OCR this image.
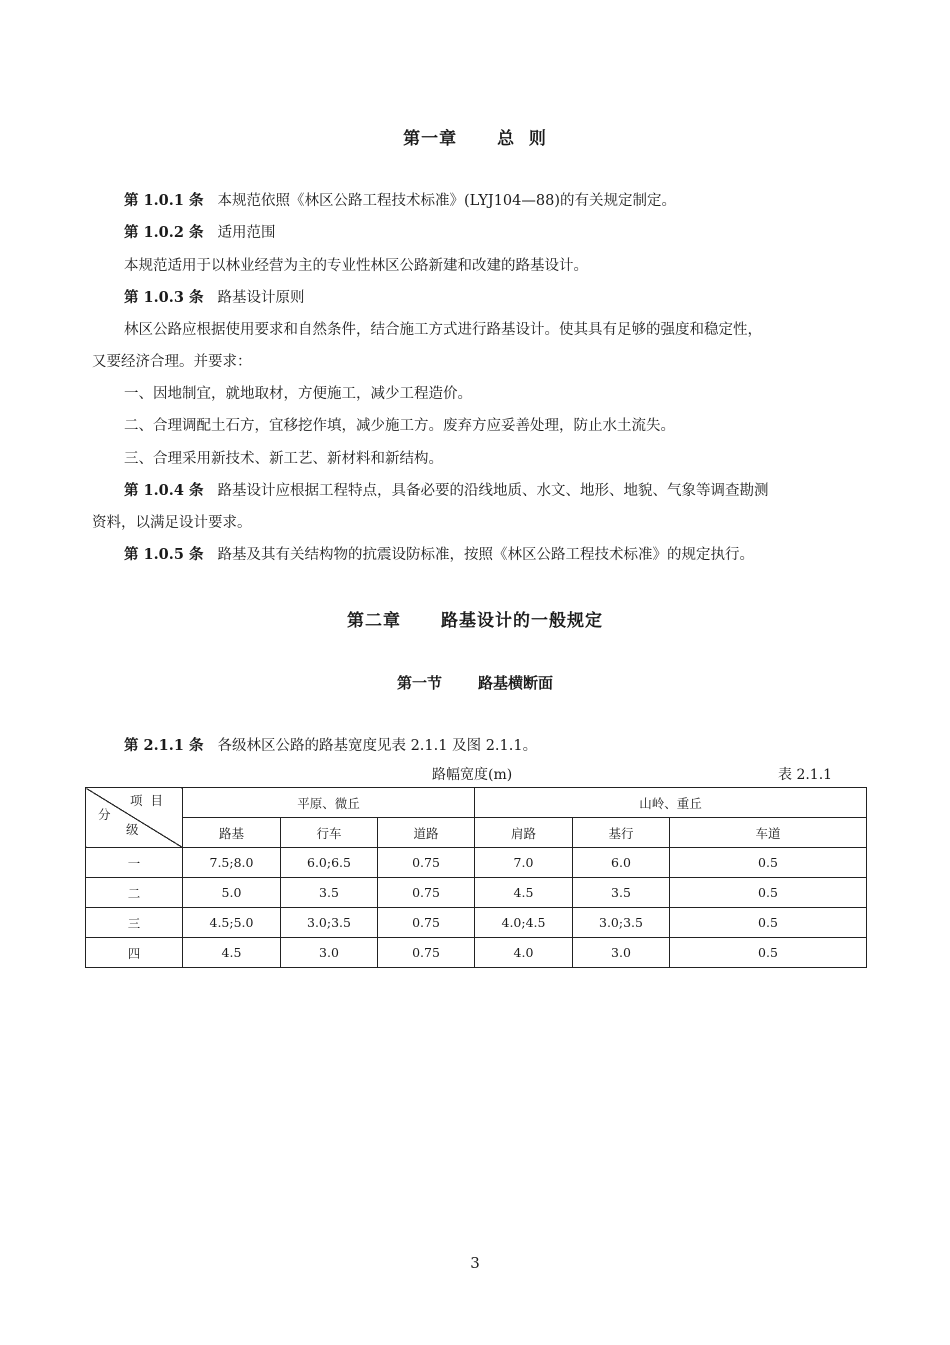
第一章 总  则
第 1.0.1 条 本规范依照《林区公路工程技术标准》(LYJ104—88)的有关规定制定。
第 1.0.2 条 适用范围
本规范适用于以林业经营为主的专业性林区公路新建和改建的路基设计。
第 1.0.3 条 路基设计原则
林区公路应根据使用要求和自然条件，结合施工方式进行路基设计。使其具有足够的强度和稳定性，
又要经济合理。并要求：
一、因地制宜，就地取材，方便施工，减少工程造价。
二、合理调配土石方，宜移挖作填，减少施工方。废弃方应妥善处理，防止水土流失。
三、合理采用新技术、新工艺、新材料和新结构。
第 1.0.4 条 路基设计应根据工程特点，具备必要的沿线地质、水文、地形、地貌、气象等调查勘测
资料，以满足设计要求。
第 1.0.5 条 路基及其有关结构物的抗震设防标准，按照《林区公路工程技术标准》的规定执行。
第二章 路基设计的一般规定
第一节 路基横断面
第 2.1.1 条 各级林区公路的路基宽度见表 2.1.1 及图 2.1.1。
路幅宽度(m)	表 2.1.1
项  目
分
级	平原、微丘			山岭、重丘		
	路基	行车	道路	肩路	基行	车道
一	7.5;8.0	6.0;6.5	0.75	7.0	6.0	0.5
二	5.0	3.5	0.75	4.5	3.5	0.5
三	4.5;5.0	3.0;3.5	0.75	4.0;4.5	3.0;3.5	0.5
四	4.5	3.0	0.75	4.0	3.0	0.5
3
